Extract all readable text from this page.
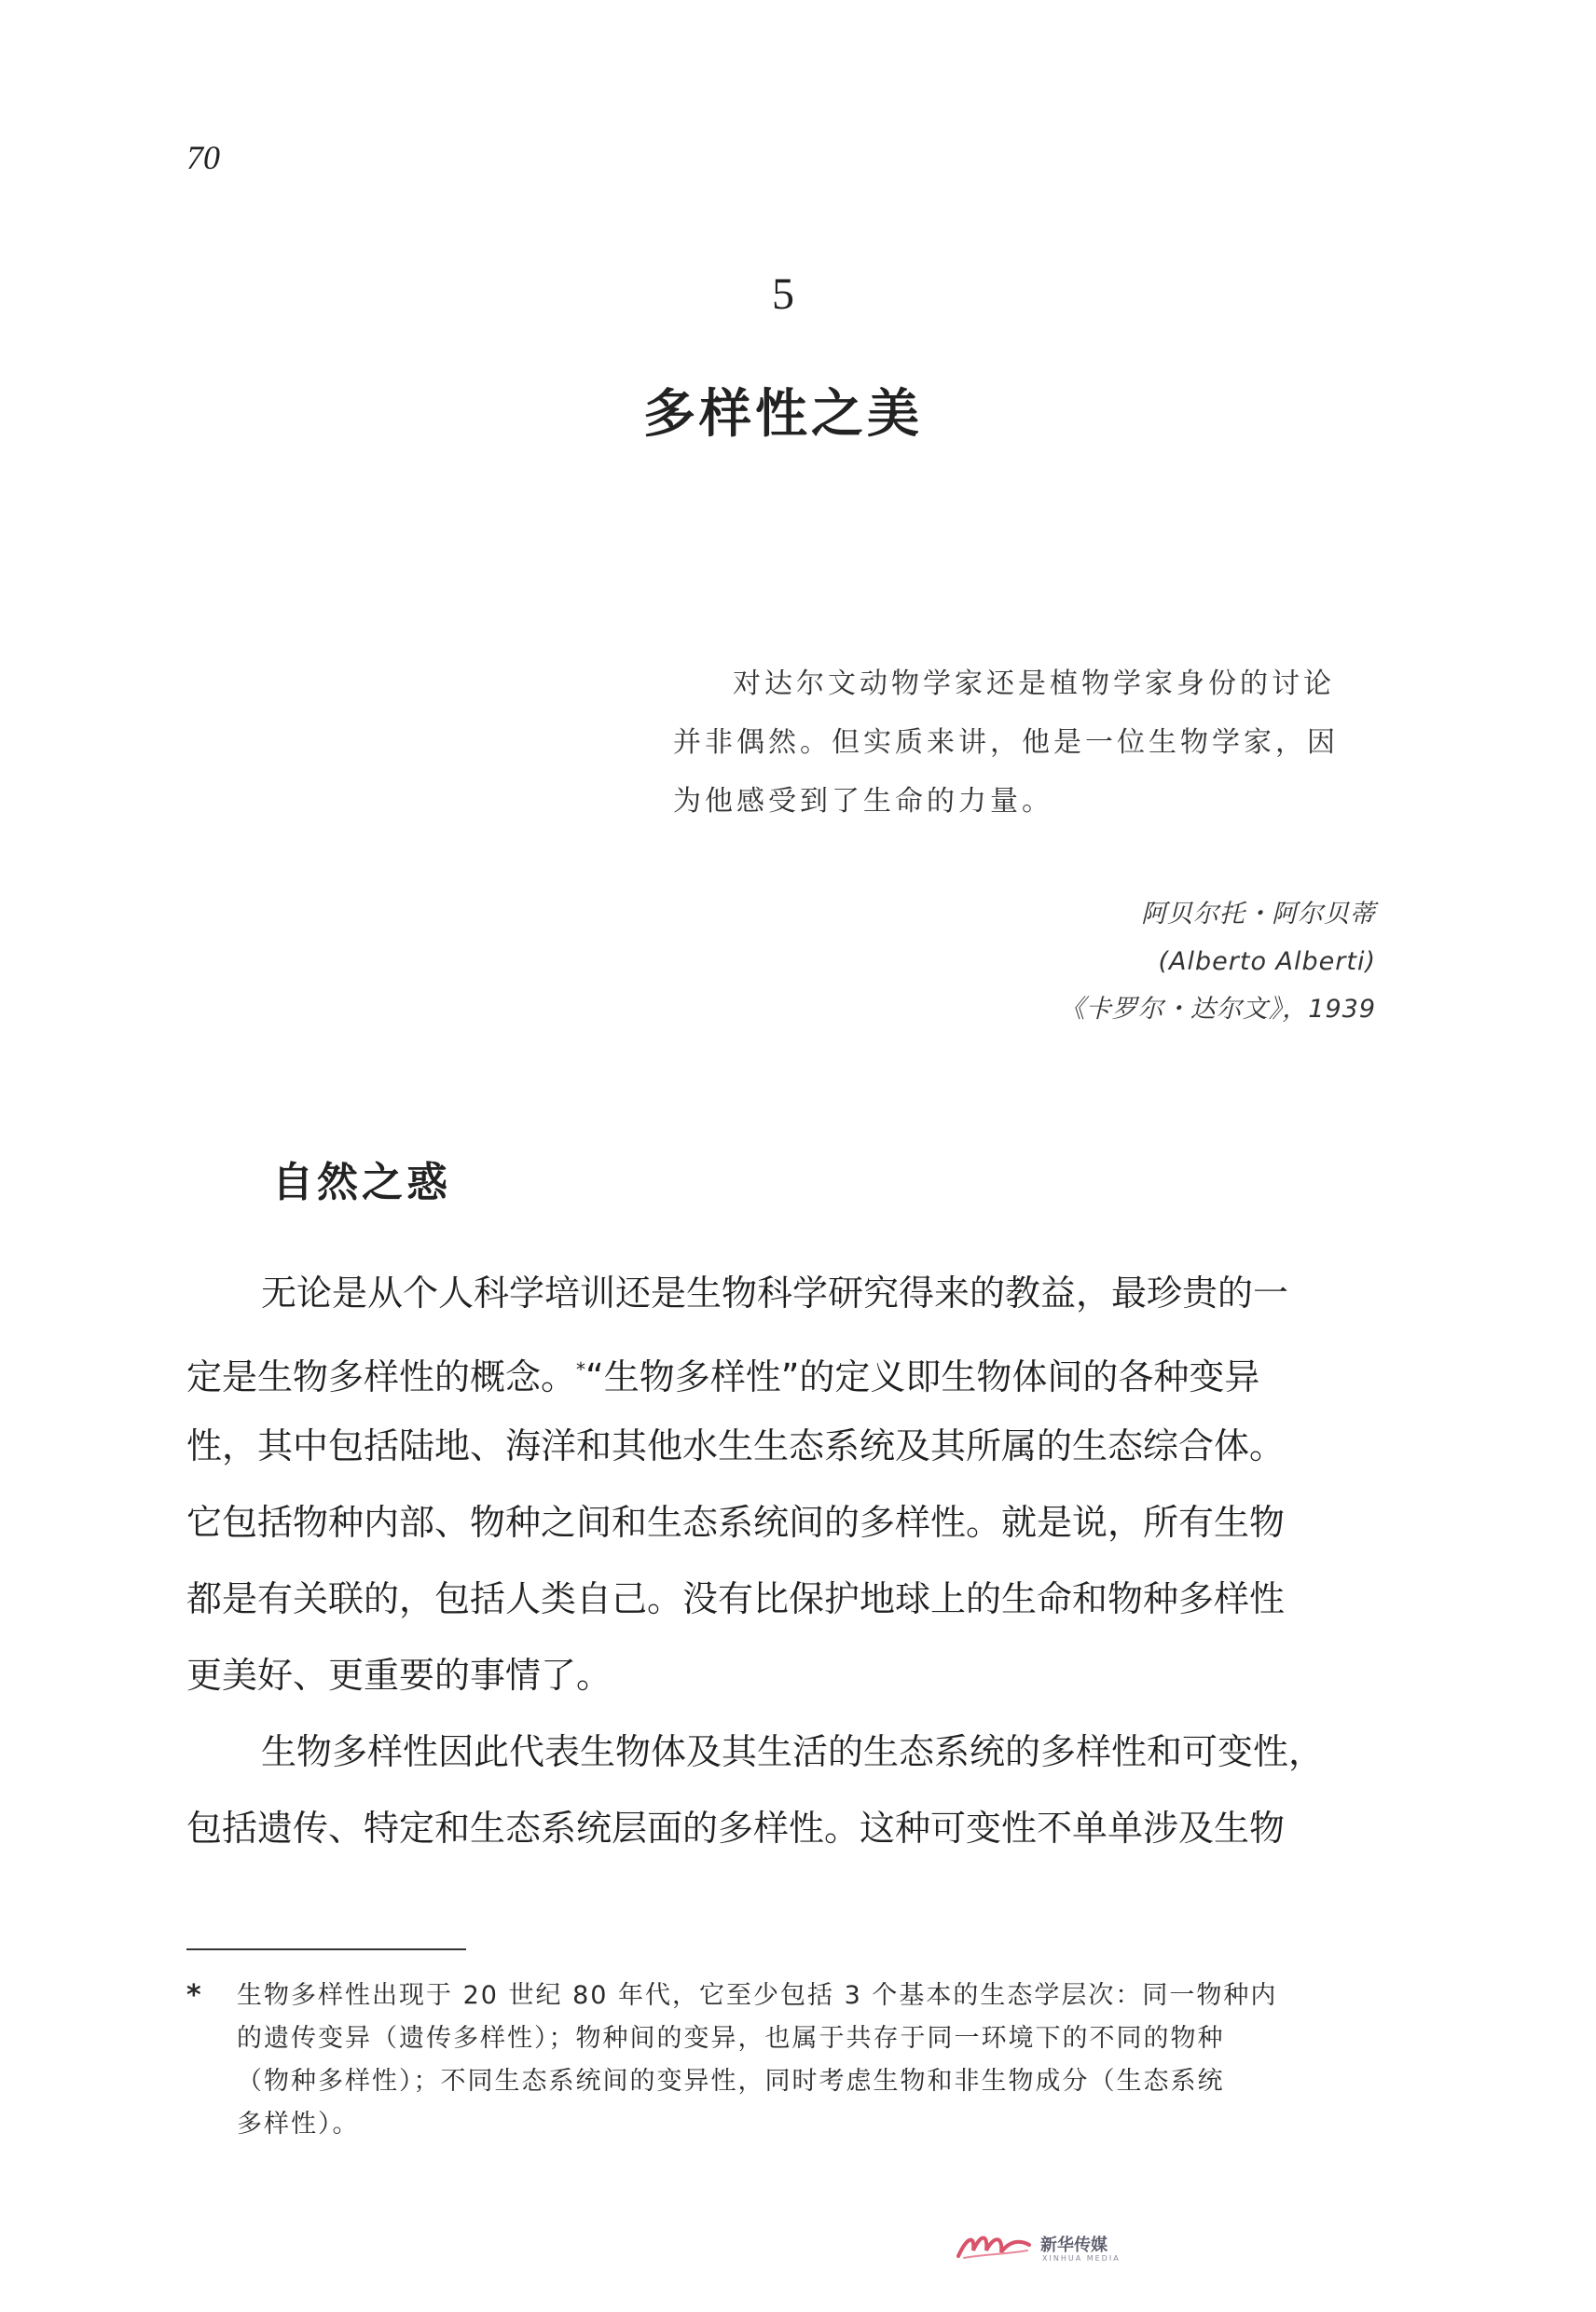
70
5
多样性之美
对达尔文动物学家还是植物学家身份的讨论
并非偶然。但实质来讲，他是一位生物学家，因
为他感受到了生命的力量。
阿贝尔托・阿尔贝蒂
(Alberto Alberti)
《卡罗尔・达尔文》，1939
自然之惑
无论是从个人科学培训还是生物科学研究得来的教益，最珍贵的一
定是生物多样性的概念。*“生物多样性”的定义即生物体间的各种变异
性，其中包括陆地、海洋和其他水生生态系统及其所属的生态综合体。
它包括物种内部、物种之间和生态系统间的多样性。就是说，所有生物
都是有关联的，包括人类自己。没有比保护地球上的生命和物种多样性
更美好、更重要的事情了。
生物多样性因此代表生物体及其生活的生态系统的多样性和可变性，
包括遗传、特定和生态系统层面的多样性。这种可变性不单单涉及生物
*	生物多样性出现于 20 世纪 80 年代，它至少包括 3 个基本的生态学层次：同一物种内
的遗传变异（遗传多样性）；物种间的变异，也属于共存于同一环境下的不同的物种
（物种多样性）；不同生态系统间的变异性，同时考虑生物和非生物成分（生态系统
多样性）。
新华传媒
XINHUA MEDIA
